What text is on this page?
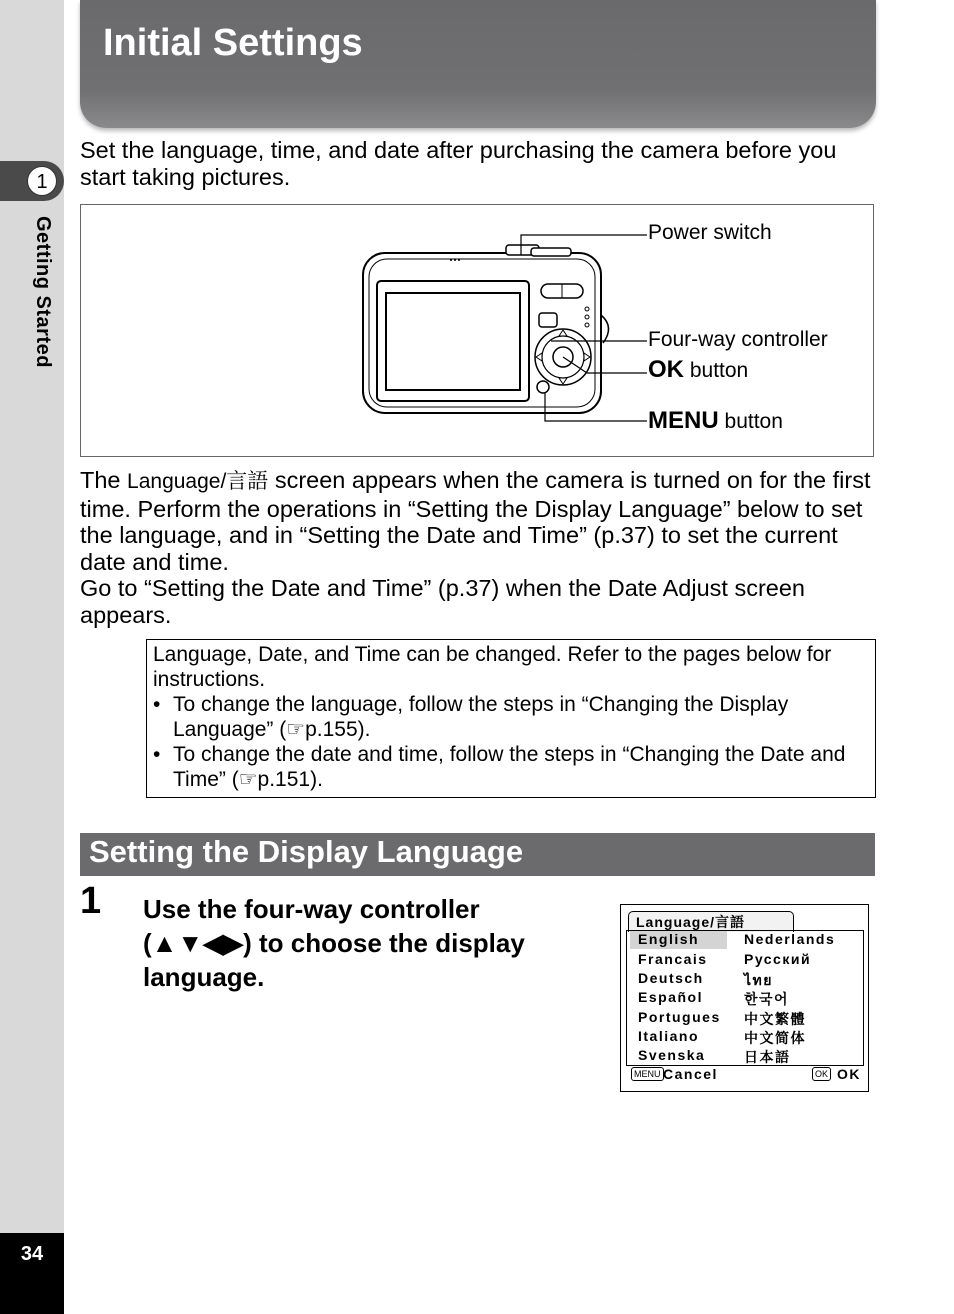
1
Getting Started
34
Initial Settings
Set the language, time, and date after purchasing the camera before you start taking pictures.
Power switch
Four-way controller
OK button
MENU button
The Language/言語 screen appears when the camera is turned on for the first time. Perform the operations in “Setting the Display Language” below to set the language, and in “Setting the Date and Time” (p.37) to set the current date and time.
Go to “Setting the Date and Time” (p.37) when the Date Adjust screen appears.
Language, Date, and Time can be changed. Refer to the pages below for instructions.
• To change the language, follow the steps in “Changing the Display Language” (☞p.155).
• To change the date and time, follow the steps in “Changing the Date and Time” (☞p.151).
Setting the Display Language
1 Use the four-way controller (▲▼◀▶) to choose the display language.
Language/言語
English
Francais
Deutsch
Español
Portugues
Italiano
Svenska
Nederlands
Русский
ไทย
한국어
中文繁體
中文简体
日本語
MENU Cancel	OK OK
